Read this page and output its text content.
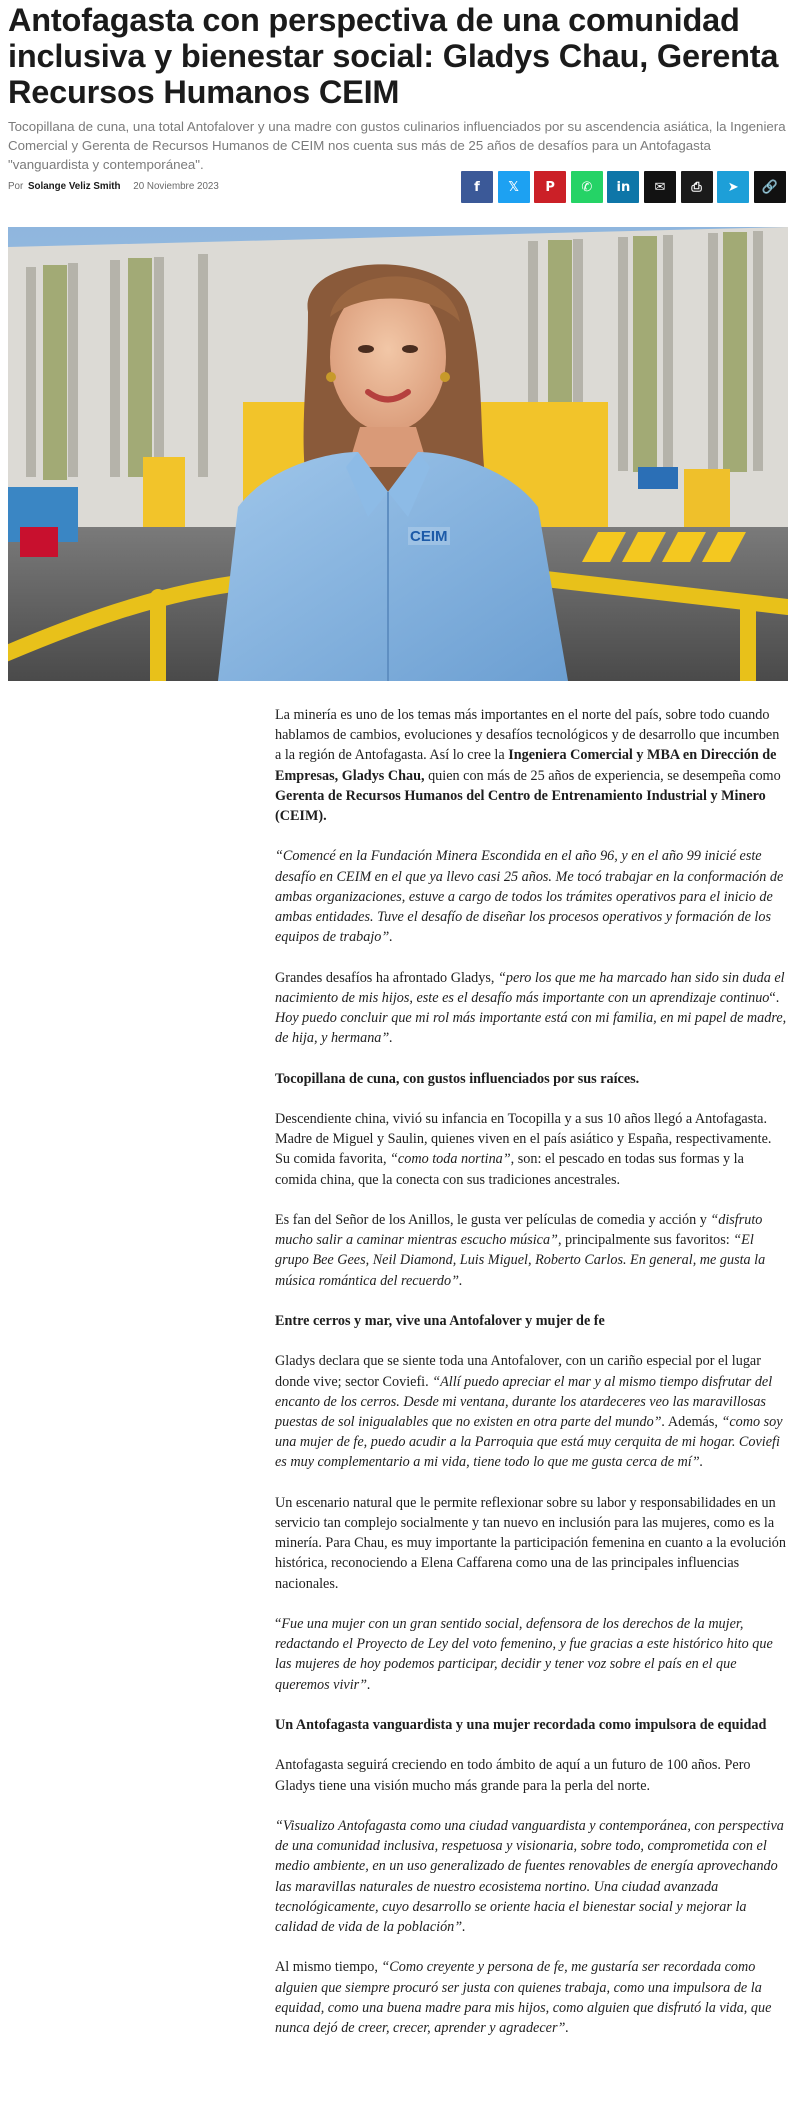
Antofagasta con perspectiva de una comunidad inclusiva y bienestar social: Gladys Chau, Gerenta Recursos Humanos CEIM

Tocopillana de cuna, una total Antofalover y una madre con gustos culinarios influenciados por su ascendencia asiática, la Ingeniera Comercial y Gerenta de Recursos Humanos de CEIM nos cuenta sus más de 25 años de desafíos para un Antofagasta "vanguardista y contemporánea".

Por Solange Veliz Smith 20 Noviembre 2023	f 𝕏 P ✆ in ✉ ⎙ ➤ 🔗
CEIM

La minería es uno de los temas más importantes en el norte del país, sobre todo cuando hablamos de cambios, evoluciones y desafíos tecnológicos y de desarrollo que incumben a la región de Antofagasta. Así lo cree la Ingeniera Comercial y MBA en Dirección de Empresas, Gladys Chau, quien con más de 25 años de experiencia, se desempeña como Gerenta de Recursos Humanos del Centro de Entrenamiento Industrial y Minero (CEIM).

“Comencé en la Fundación Minera Escondida en el año 96, y en el año 99 inicié este desafío en CEIM en el que ya llevo casi 25 años. Me tocó trabajar en la conformación de ambas organizaciones, estuve a cargo de todos los trámites operativos para el inicio de ambas entidades. Tuve el desafío de diseñar los procesos operativos y formación de los equipos de trabajo”.

Grandes desafíos ha afrontado Gladys, “pero los que me ha marcado han sido sin duda el nacimiento de mis hijos, este es el desafío más importante con un aprendizaje continuo“. Hoy puedo concluir que mi rol más importante está con mi familia, en mi papel de madre, de hija, y hermana”.

Tocopillana de cuna, con gustos influenciados por sus raíces.

Descendiente china, vivió su infancia en Tocopilla y a sus 10 años llegó a Antofagasta. Madre de Miguel y Saulin, quienes viven en el país asiático y España, respectivamente. Su comida favorita, “como toda nortina”, son: el pescado en todas sus formas y la comida china, que la conecta con sus tradiciones ancestrales.

Es fan del Señor de los Anillos, le gusta ver películas de comedia y acción y “disfruto mucho salir a caminar mientras escucho música”, principalmente sus favoritos: “El grupo Bee Gees, Neil Diamond, Luis Miguel, Roberto Carlos. En general, me gusta la música romántica del recuerdo”.

Entre cerros y mar, vive una Antofalover y mujer de fe

Gladys declara que se siente toda una Antofalover, con un cariño especial por el lugar donde vive; sector Coviefi. “Allí puedo apreciar el mar y al mismo tiempo disfrutar del encanto de los cerros. Desde mi ventana, durante los atardeceres veo las maravillosas puestas de sol inigualables que no existen en otra parte del mundo”. Además, “como soy una mujer de fe, puedo acudir a la Parroquia que está muy cerquita de mi hogar. Coviefi es muy complementario a mi vida, tiene todo lo que me gusta cerca de mí”.

Un escenario natural que le permite reflexionar sobre su labor y responsabilidades en un servicio tan complejo socialmente y tan nuevo en inclusión para las mujeres, como es la minería. Para Chau, es muy importante la participación femenina en cuanto a la evolución histórica, reconociendo a Elena Caffarena como una de las principales influencias nacionales.

“Fue una mujer con un gran sentido social, defensora de los derechos de la mujer, redactando el Proyecto de Ley del voto femenino, y fue gracias a este histórico hito que las mujeres de hoy podemos participar, decidir y tener voz sobre el país en el que queremos vivir”.

Un Antofagasta vanguardista y una mujer recordada como impulsora de equidad

Antofagasta seguirá creciendo en todo ámbito de aquí a un futuro de 100 años. Pero Gladys tiene una visión mucho más grande para la perla del norte.

“Visualizo Antofagasta como una ciudad vanguardista y contemporánea, con perspectiva de una comunidad inclusiva, respetuosa y visionaria, sobre todo, comprometida con el medio ambiente, en un uso generalizado de fuentes renovables de energía aprovechando las maravillas naturales de nuestro ecosistema nortino. Una ciudad avanzada tecnológicamente, cuyo desarrollo se oriente hacia el bienestar social y mejorar la calidad de vida de la población”.

Al mismo tiempo, “Como creyente y persona de fe, me gustaría ser recordada como alguien que siempre procuró ser justa con quienes trabaja, como una impulsora de la equidad, como una buena madre para mis hijos, como alguien que disfrutó la vida, que nunca dejó de creer, crecer, aprender y agradecer”.
